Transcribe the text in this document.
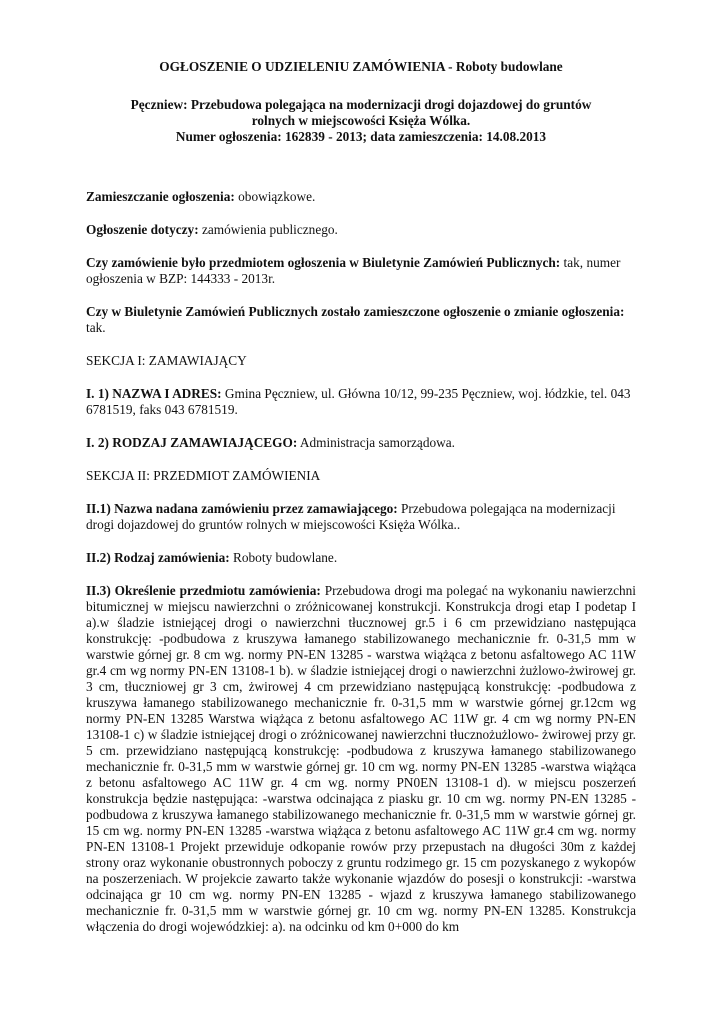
OGŁOSZENIE O UDZIELENIU ZAMÓWIENIA - Roboty budowlane
Pęczniew: Przebudowa polegająca na modernizacji drogi dojazdowej do gruntów
rolnych w miejscowości Księża Wólka.
Numer ogłoszenia: 162839 - 2013; data zamieszczenia: 14.08.2013

Zamieszczanie ogłoszenia: obowiązkowe.

Ogłoszenie dotyczy: zamówienia publicznego.

Czy zamówienie było przedmiotem ogłoszenia w Biuletynie Zamówień Publicznych: tak, numer ogłoszenia w BZP: 144333 - 2013r.

Czy w Biuletynie Zamówień Publicznych zostało zamieszczone ogłoszenie o zmianie ogłoszenia: tak.

SEKCJA I: ZAMAWIAJĄCY

I. 1) NAZWA I ADRES: Gmina Pęczniew, ul. Główna 10/12, 99-235 Pęczniew, woj. łódzkie, tel. 043 6781519, faks 043 6781519.

I. 2) RODZAJ ZAMAWIAJĄCEGO: Administracja samorządowa.

SEKCJA II: PRZEDMIOT ZAMÓWIENIA

II.1) Nazwa nadana zamówieniu przez zamawiającego: Przebudowa polegająca na modernizacji drogi dojazdowej do gruntów rolnych w miejscowości Księża Wólka..

II.2) Rodzaj zamówienia: Roboty budowlane.

II.3) Określenie przedmiotu zamówienia: Przebudowa drogi ma polegać na wykonaniu nawierzchni bitumicznej w miejscu nawierzchni o zróżnicowanej konstrukcji. Konstrukcja drogi etap I podetap I a).w śladzie istniejącej drogi o nawierzchni tłucznowej gr.5 i 6 cm przewidziano następująca konstrukcję: -podbudowa z kruszywa łamanego stabilizowanego mechanicznie fr. 0-31,5 mm w warstwie górnej gr. 8 cm wg. normy PN-EN 13285 - warstwa wiążąca z betonu asfaltowego AC 11W gr.4 cm wg normy PN-EN 13108-1 b). w śladzie istniejącej drogi o nawierzchni żużlowo-żwirowej gr. 3 cm, tłuczniowej gr 3 cm, żwirowej 4 cm przewidziano następującą konstrukcję: -podbudowa z kruszywa łamanego stabilizowanego mechanicznie fr. 0-31,5 mm w warstwie górnej gr.12cm wg normy PN-EN 13285 Warstwa wiążąca z betonu asfaltowego AC 11W gr. 4 cm wg normy PN-EN 13108-1 c) w śladzie istniejącej drogi o zróżnicowanej nawierzchni tłucznożużlowo- żwirowej przy gr. 5 cm. przewidziano następującą konstrukcję: -podbudowa z kruszywa łamanego stabilizowanego mechanicznie fr. 0-31,5 mm w warstwie górnej gr. 10 cm wg. normy PN-EN 13285 -warstwa wiążąca z betonu asfaltowego AC 11W gr. 4 cm wg. normy PN0EN 13108-1 d). w miejscu poszerzeń konstrukcja będzie następująca: -warstwa odcinająca z piasku gr. 10 cm wg. normy PN-EN 13285 -podbudowa z kruszywa łamanego stabilizowanego mechanicznie fr. 0-31,5 mm w warstwie górnej gr. 15 cm wg. normy PN-EN 13285 -warstwa wiążąca z betonu asfaltowego AC 11W gr.4 cm wg. normy PN-EN 13108-1 Projekt przewiduje odkopanie rowów przy przepustach na długości 30m z każdej strony oraz wykonanie obustronnych poboczy z gruntu rodzimego gr. 15 cm pozyskanego z wykopów na poszerzeniach. W projekcie zawarto także wykonanie wjazdów do posesji o konstrukcji: -warstwa odcinająca gr 10 cm wg. normy PN-EN 13285 - wjazd z kruszywa łamanego stabilizowanego mechanicznie fr. 0-31,5 mm w warstwie górnej gr. 10 cm wg. normy PN-EN 13285. Konstrukcja włączenia do drogi wojewódzkiej: a). na odcinku od km 0+000 do km
